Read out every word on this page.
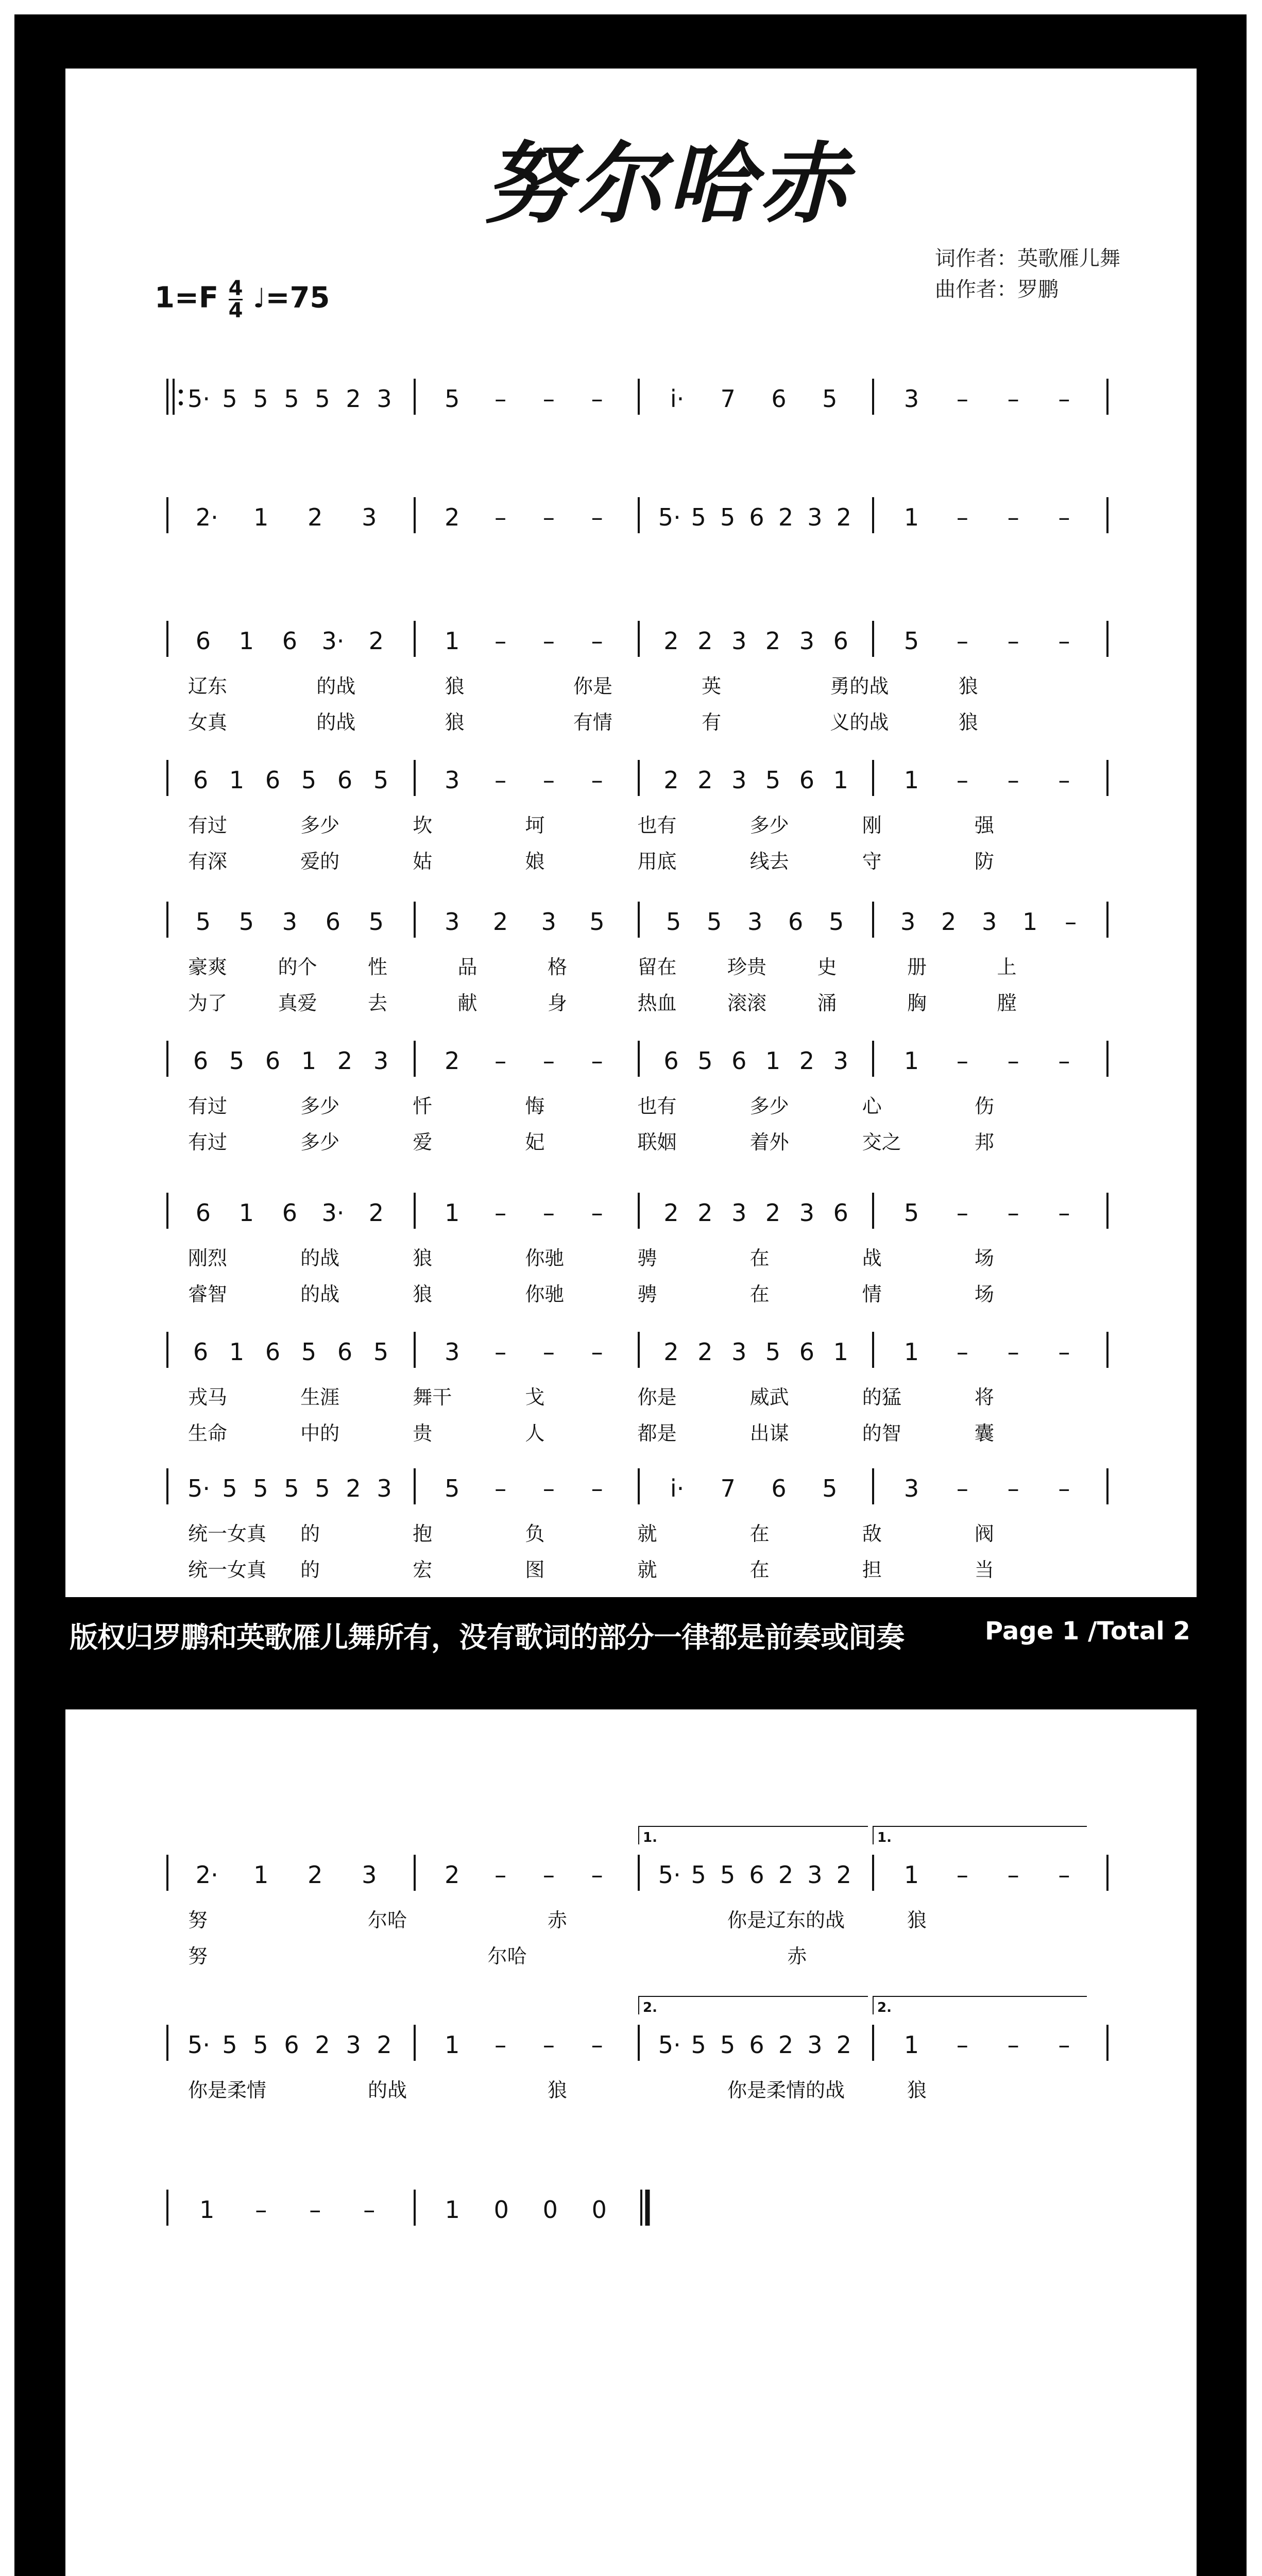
努尔哈赤
$1=F \frac{4}{4}$ ♩=75
词作者：英歌雁儿舞
曲作者：罗鹏
版权归罗鹏和英歌雁儿舞所有，没有歌词的部分一律都是前奏或间奏	Page 1 /Total 2
5· 5 5 5 5 2 3 5 – – –	i· 7 6 5	3 – – –
2· 1 2 3	2 – – – 5· 5 5 6 2 3 2 1 – – –
6 1 6 3· 2	1 – – –	2 2 3 2 3 6 5 – – –
辽东	的战	狼	你是	英	勇的战	狼
女真	的战	狼	有情	有	义的战	狼
6 1 6 5 6 5 3 – – –	2 2 3 5 6 1 1 – – –
有过	多少	坎	坷	也有	多少	刚	强
有深	爱的	姑	娘	用底	线去	守	防
5 5 3 6 5	3 2 3 5	5 5 3 6 5 3 2 3 1 –
豪爽	的个	性	品	格	留在	珍贵	史	册	上
为了	真爱	去	献	身	热血	滚滚	涌	胸	膛
6 5 6 1 2 3 2 – – –	6 5 6 1 2 3 1 – – –
有过	多少	忏	悔	也有	多少	心	伤
有过	多少	爱	妃	联姻	着外	交之	邦
6 1 6 3· 2	1 – – –	2 2 3 2 3 6 5 – – –
刚烈	的战	狼	你驰	骋	在	战	场
睿智	的战	狼	你驰	骋	在	情	场
6 1 6 5 6 5 3 – – –	2 2 3 5 6 1 1 – – –
戎马	生涯	舞干	戈	你是	威武	的猛	将
生命	中的	贵	人	都是	出谋	的智	囊
5· 5 5 5 5 2 3 5 – – –	i· 7 6 5	3 – – –
统一女真 的	抱	负	就	在	敌	阀
统一女真 的	宏	图	就	在	担	当
2· 1 2 3	2 – – – 5· 5 5 6 2 3 2 1 – – –
努	尔哈	赤	你是辽东的战	狼
努	尔哈	赤
1.	1.
5· 5 5 6 2 3 2 1 – – – 5· 5 5 6 2 3 2 1 – – –
你是柔情	的战	狼	你是柔情的战	狼
2.	2.
1 – – –	1 0 0 0
